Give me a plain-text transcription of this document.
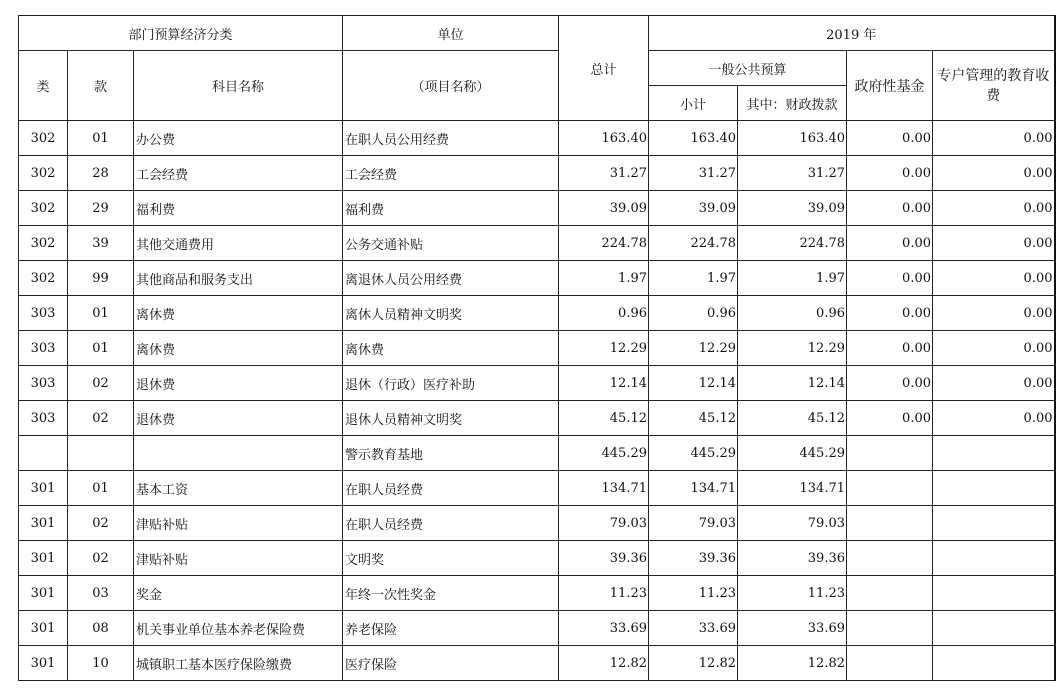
部门预算经济分类			单位	总计	2019 年			
类	款	科目名称	（项目名称）		一般公共预算		政府性基金	专户管理的教育收费
					小计	其中：财政拨款		
302	01	办公费	在职人员公用经费	163.40	163.40	163.40	0.00	0.00
302	28	工会经费	工会经费	31.27	31.27	31.27	0.00	0.00
302	29	福利费	福利费	39.09	39.09	39.09	0.00	0.00
302	39	其他交通费用	公务交通补贴	224.78	224.78	224.78	0.00	0.00
302	99	其他商品和服务支出	离退休人员公用经费	1.97	1.97	1.97	0.00	0.00
303	01	离休费	离休人员精神文明奖	0.96	0.96	0.96	0.00	0.00
303	01	离休费	离休费	12.29	12.29	12.29	0.00	0.00
303	02	退休费	退休（行政）医疗补助	12.14	12.14	12.14	0.00	0.00
303	02	退休费	退休人员精神文明奖	45.12	45.12	45.12	0.00	0.00
			警示教育基地	445.29	445.29	445.29		
301	01	基本工资	在职人员经费	134.71	134.71	134.71		
301	02	津贴补贴	在职人员经费	79.03	79.03	79.03		
301	02	津贴补贴	文明奖	39.36	39.36	39.36		
301	03	奖金	年终一次性奖金	11.23	11.23	11.23		
301	08	机关事业单位基本养老保险费	养老保险	33.69	33.69	33.69		
301	10	城镇职工基本医疗保险缴费	医疗保险	12.82	12.82	12.82		
